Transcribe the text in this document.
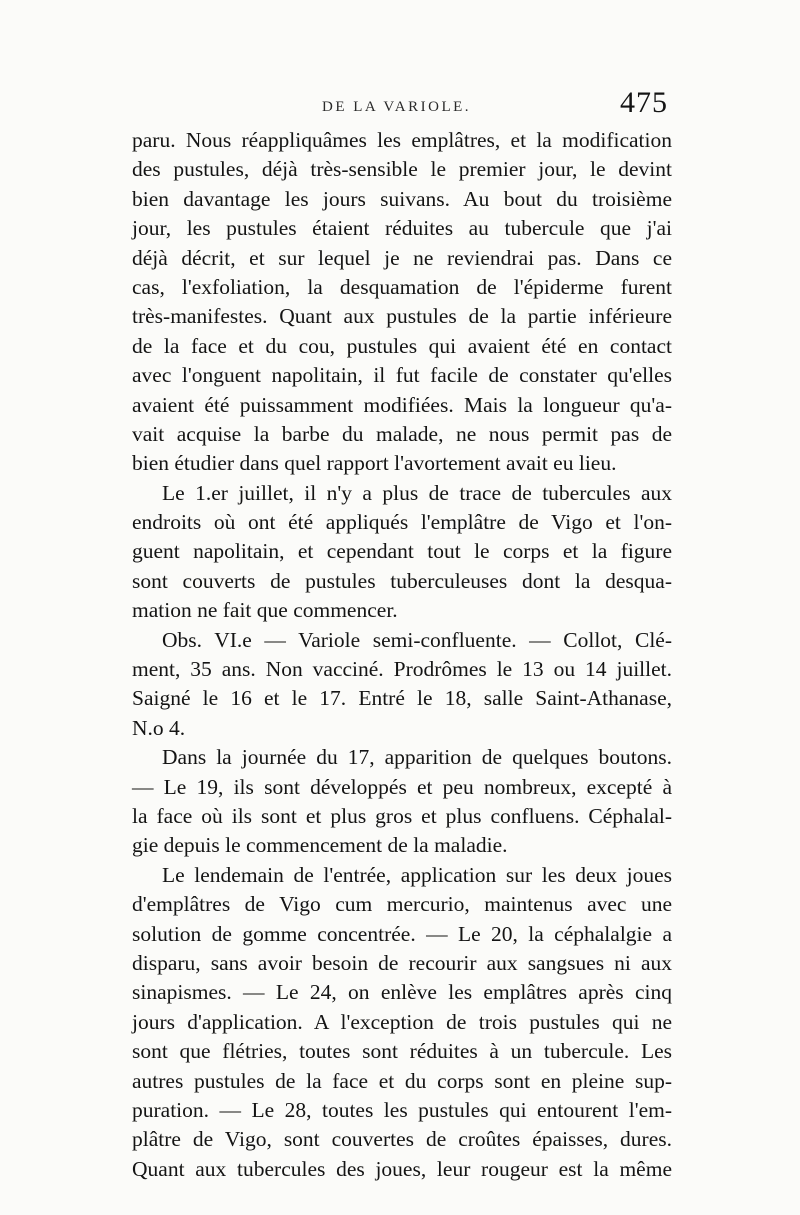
DE LA VARIOLE.	475
paru. Nous réappliquâmes les emplâtres, et la modification
des pustules, déjà très-sensible le premier jour, le devint
bien davantage les jours suivans. Au bout du troisième
jour, les pustules étaient réduites au tubercule que j'ai
déjà décrit, et sur lequel je ne reviendrai pas. Dans ce
cas, l'exfoliation, la desquamation de l'épiderme furent
très-manifestes. Quant aux pustules de la partie inférieure
de la face et du cou, pustules qui avaient été en contact
avec l'onguent napolitain, il fut facile de constater qu'elles
avaient été puissamment modifiées. Mais la longueur qu'a-
vait acquise la barbe du malade, ne nous permit pas de
bien étudier dans quel rapport l'avortement avait eu lieu.
Le 1.er juillet, il n'y a plus de trace de tubercules aux
endroits où ont été appliqués l'emplâtre de Vigo et l'on-
guent napolitain, et cependant tout le corps et la figure
sont couverts de pustules tuberculeuses dont la desqua-
mation ne fait que commencer.
Obs. VI.e — Variole semi-confluente. — Collot, Clé-
ment, 35 ans. Non vacciné. Prodrômes le 13 ou 14 juillet.
Saigné le 16 et le 17. Entré le 18, salle Saint-Athanase,
N.o 4.
Dans la journée du 17, apparition de quelques boutons.
— Le 19, ils sont développés et peu nombreux, excepté à
la face où ils sont et plus gros et plus confluens. Céphalal-
gie depuis le commencement de la maladie.
Le lendemain de l'entrée, application sur les deux joues
d'emplâtres de Vigo cum mercurio, maintenus avec une
solution de gomme concentrée. — Le 20, la céphalalgie a
disparu, sans avoir besoin de recourir aux sangsues ni aux
sinapismes. — Le 24, on enlève les emplâtres après cinq
jours d'application. A l'exception de trois pustules qui ne
sont que flétries, toutes sont réduites à un tubercule. Les
autres pustules de la face et du corps sont en pleine sup-
puration. — Le 28, toutes les pustules qui entourent l'em-
plâtre de Vigo, sont couvertes de croûtes épaisses, dures.
Quant aux tubercules des joues, leur rougeur est la même
